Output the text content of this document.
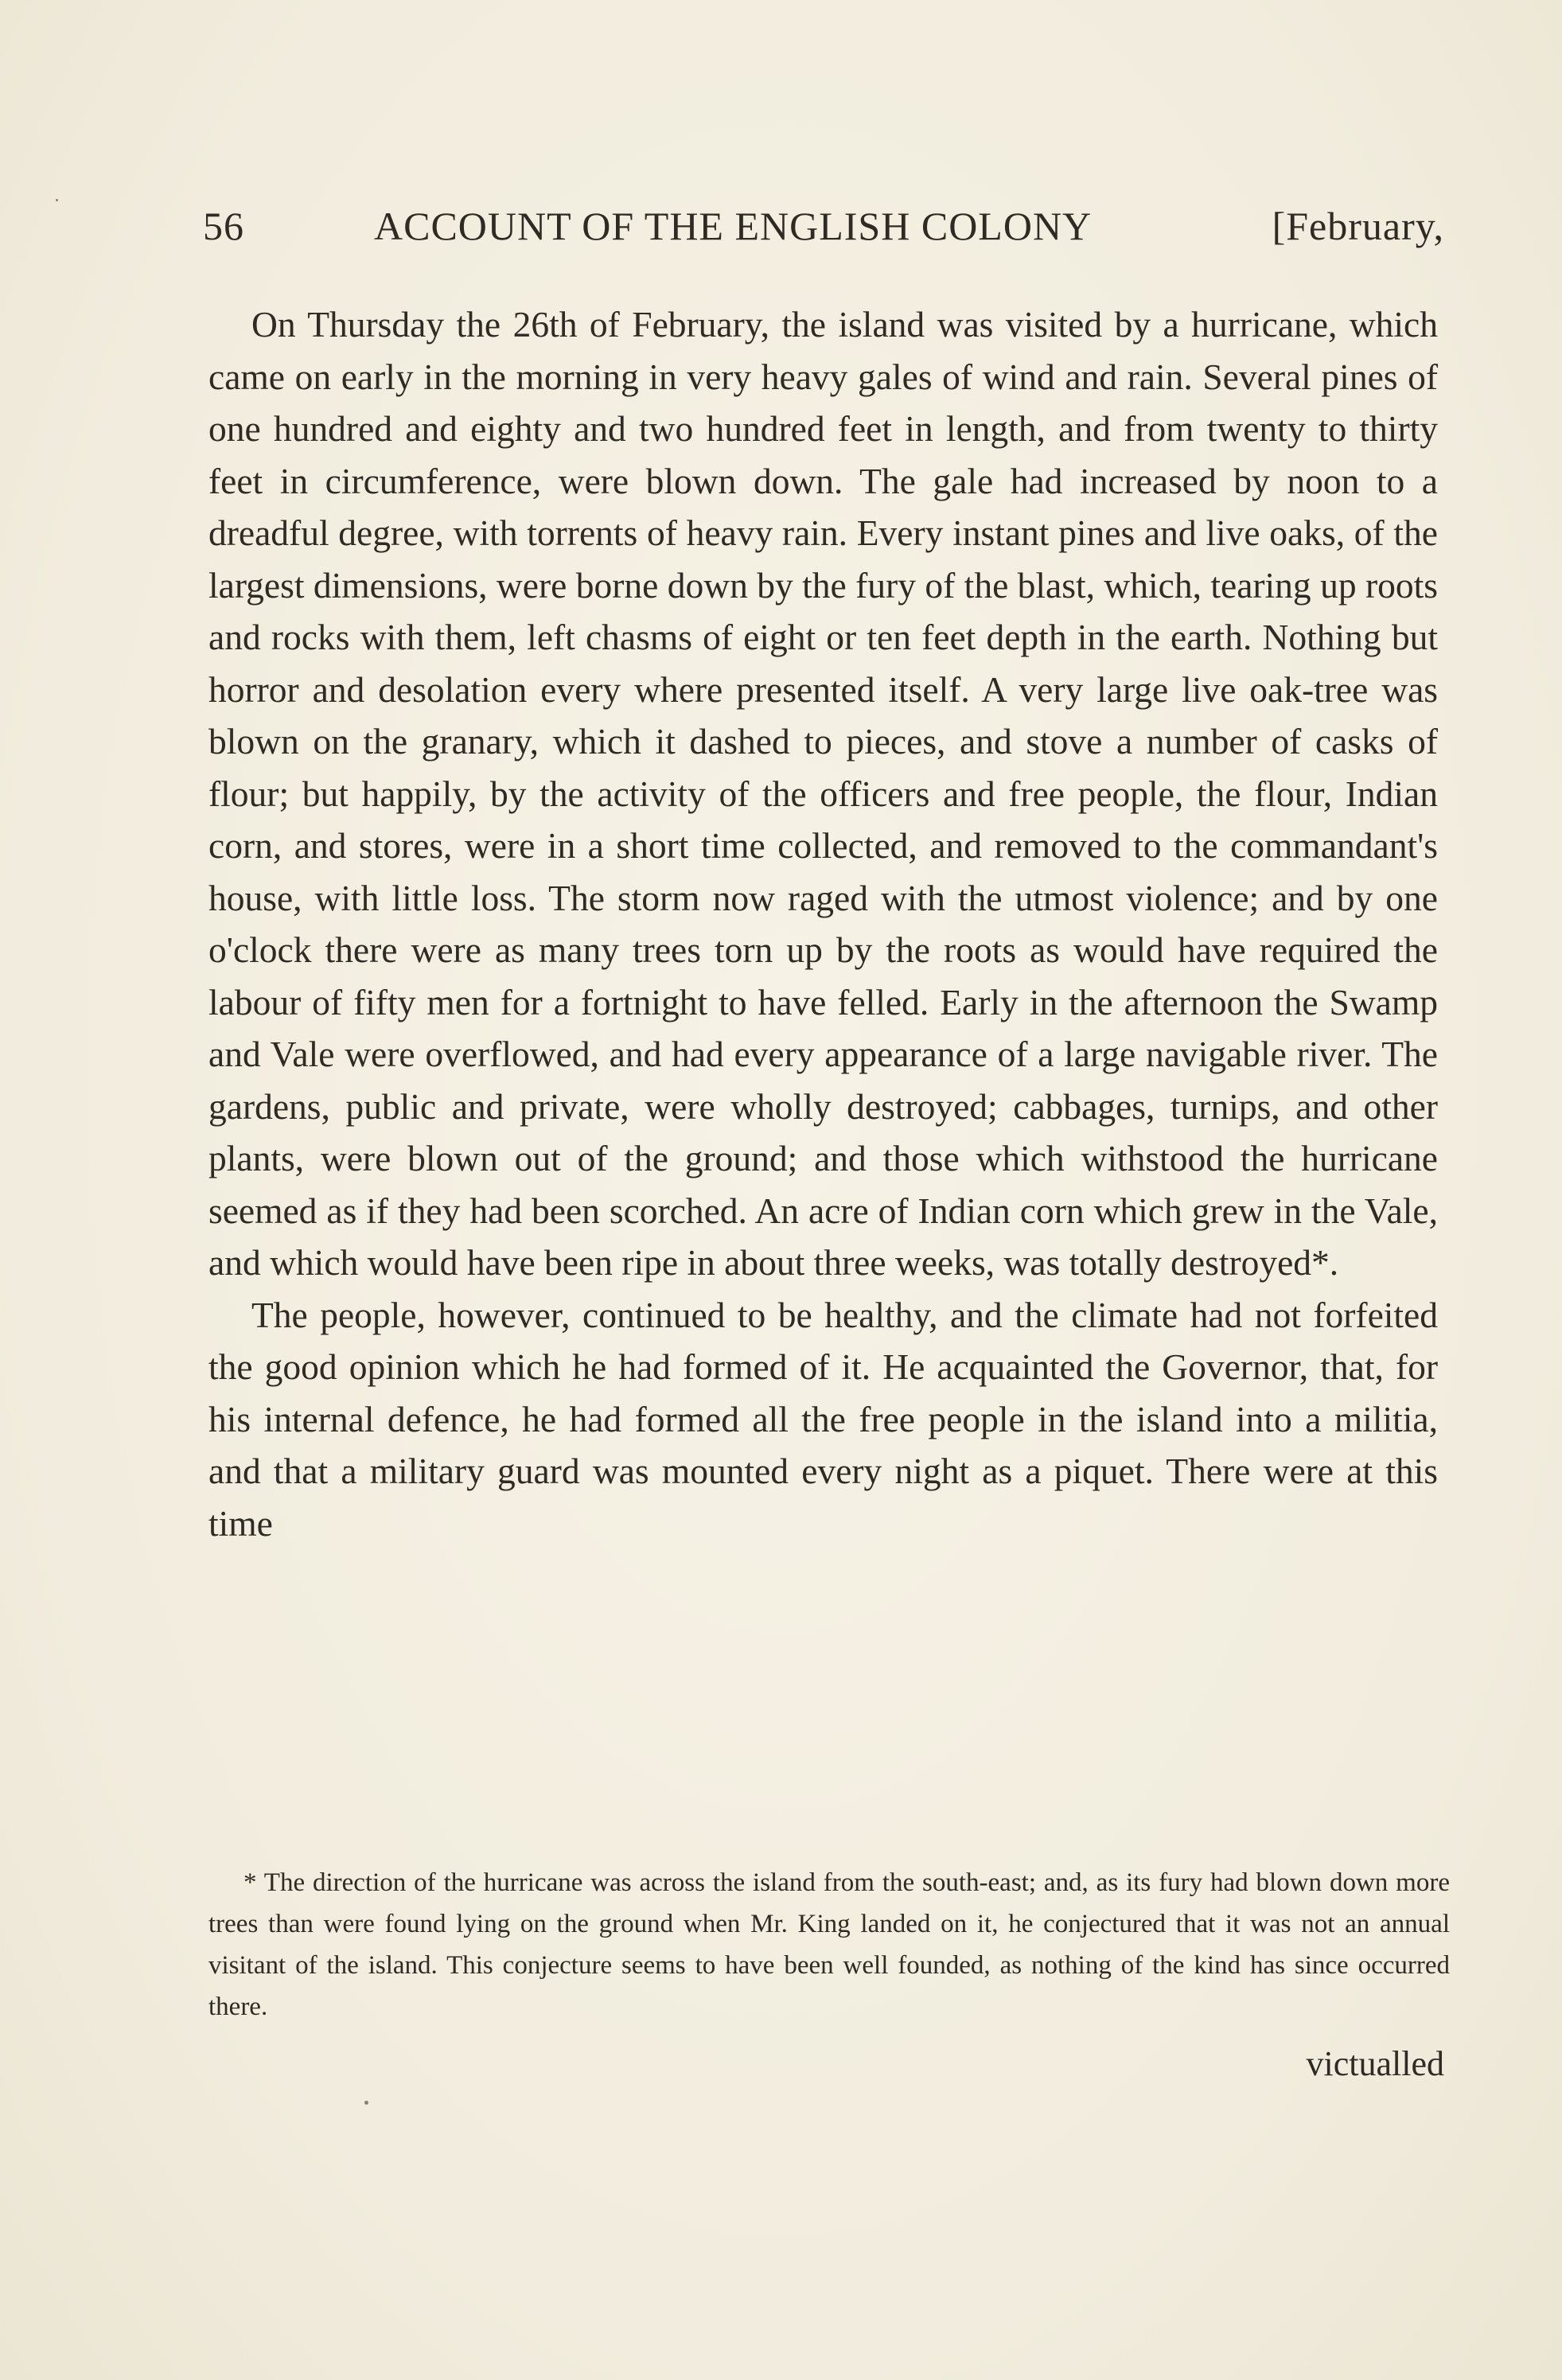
56	ACCOUNT OF THE ENGLISH COLONY	[February,

On Thursday the 26th of February, the island was visited by a hurricane, which came on early in the morning in very heavy gales of wind and rain. Several pines of one hundred and eighty and two hundred feet in length, and from twenty to thirty feet in circumference, were blown down. The gale had increased by noon to a dreadful degree, with torrents of heavy rain. Every instant pines and live oaks, of the largest dimensions, were borne down by the fury of the blast, which, tearing up roots and rocks with them, left chasms of eight or ten feet depth in the earth. Nothing but horror and desolation every where presented itself. A very large live oak-tree was blown on the granary, which it dashed to pieces, and stove a number of casks of flour; but happily, by the activity of the officers and free people, the flour, Indian corn, and stores, were in a short time collected, and removed to the commandant's house, with little loss. The storm now raged with the utmost violence; and by one o'clock there were as many trees torn up by the roots as would have required the labour of fifty men for a fortnight to have felled. Early in the afternoon the Swamp and Vale were overflowed, and had every appearance of a large navigable river. The gardens, public and private, were wholly destroyed; cabbages, turnips, and other plants, were blown out of the ground; and those which withstood the hurricane seemed as if they had been scorched. An acre of Indian corn which grew in the Vale, and which would have been ripe in about three weeks, was totally destroyed*.

The people, however, continued to be healthy, and the climate had not forfeited the good opinion which he had formed of it. He acquainted the Governor, that, for his internal defence, he had formed all the free people in the island into a militia, and that a military guard was mounted every night as a piquet. There were at this time

* The direction of the hurricane was across the island from the south-east; and, as its fury had blown down more trees than were found lying on the ground when Mr. King landed on it, he conjectured that it was not an annual visitant of the island. This conjecture seems to have been well founded, as nothing of the kind has since occurred there.

victualled
